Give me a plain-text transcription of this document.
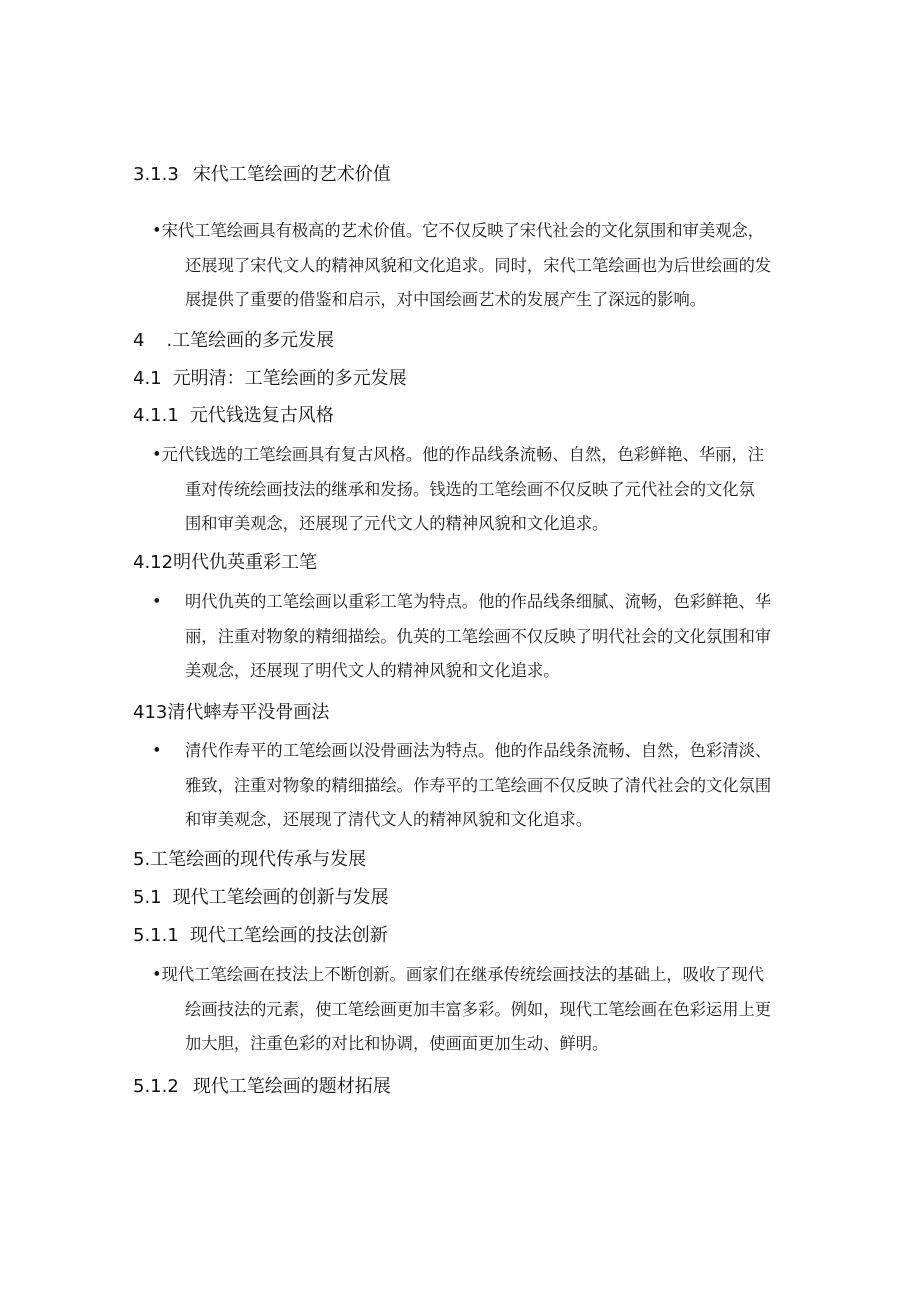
3.1.3 宋代工笔绘画的艺术价值
•宋代工笔绘画具有极高的艺术价值。它不仅反映了宋代社会的文化氛围和审美观念，
还展现了宋代文人的精神风貌和文化追求。同时，宋代工笔绘画也为后世绘画的发
展提供了重要的借鉴和启示，对中国绘画艺术的发展产生了深远的影响。
4 .工笔绘画的多元发展
4.1 元明清：工笔绘画的多元发展
4.1.1 元代钱选复古风格
•元代钱选的工笔绘画具有复古风格。他的作品线条流畅、自然，色彩鲜艳、华丽，注
重对传统绘画技法的继承和发扬。钱选的工笔绘画不仅反映了元代社会的文化氛
围和审美观念，还展现了元代文人的精神风貌和文化追求。
4.12明代仇英重彩工笔
• 明代仇英的工笔绘画以重彩工笔为特点。他的作品线条细腻、流畅，色彩鲜艳、华
丽，注重对物象的精细描绘。仇英的工笔绘画不仅反映了明代社会的文化氛围和审
美观念，还展现了明代文人的精神风貌和文化追求。
413清代蟀寿平没骨画法
• 清代作寿平的工笔绘画以没骨画法为特点。他的作品线条流畅、自然，色彩清淡、
雅致，注重对物象的精细描绘。作寿平的工笔绘画不仅反映了清代社会的文化氛围
和审美观念，还展现了清代文人的精神风貌和文化追求。
5.工笔绘画的现代传承与发展
5.1 现代工笔绘画的创新与发展
5.1.1 现代工笔绘画的技法创新
•现代工笔绘画在技法上不断创新。画家们在继承传统绘画技法的基础上，吸收了现代
绘画技法的元素，使工笔绘画更加丰富多彩。例如，现代工笔绘画在色彩运用上更
加大胆，注重色彩的对比和协调，使画面更加生动、鲜明。
5.1.2 现代工笔绘画的题材拓展
